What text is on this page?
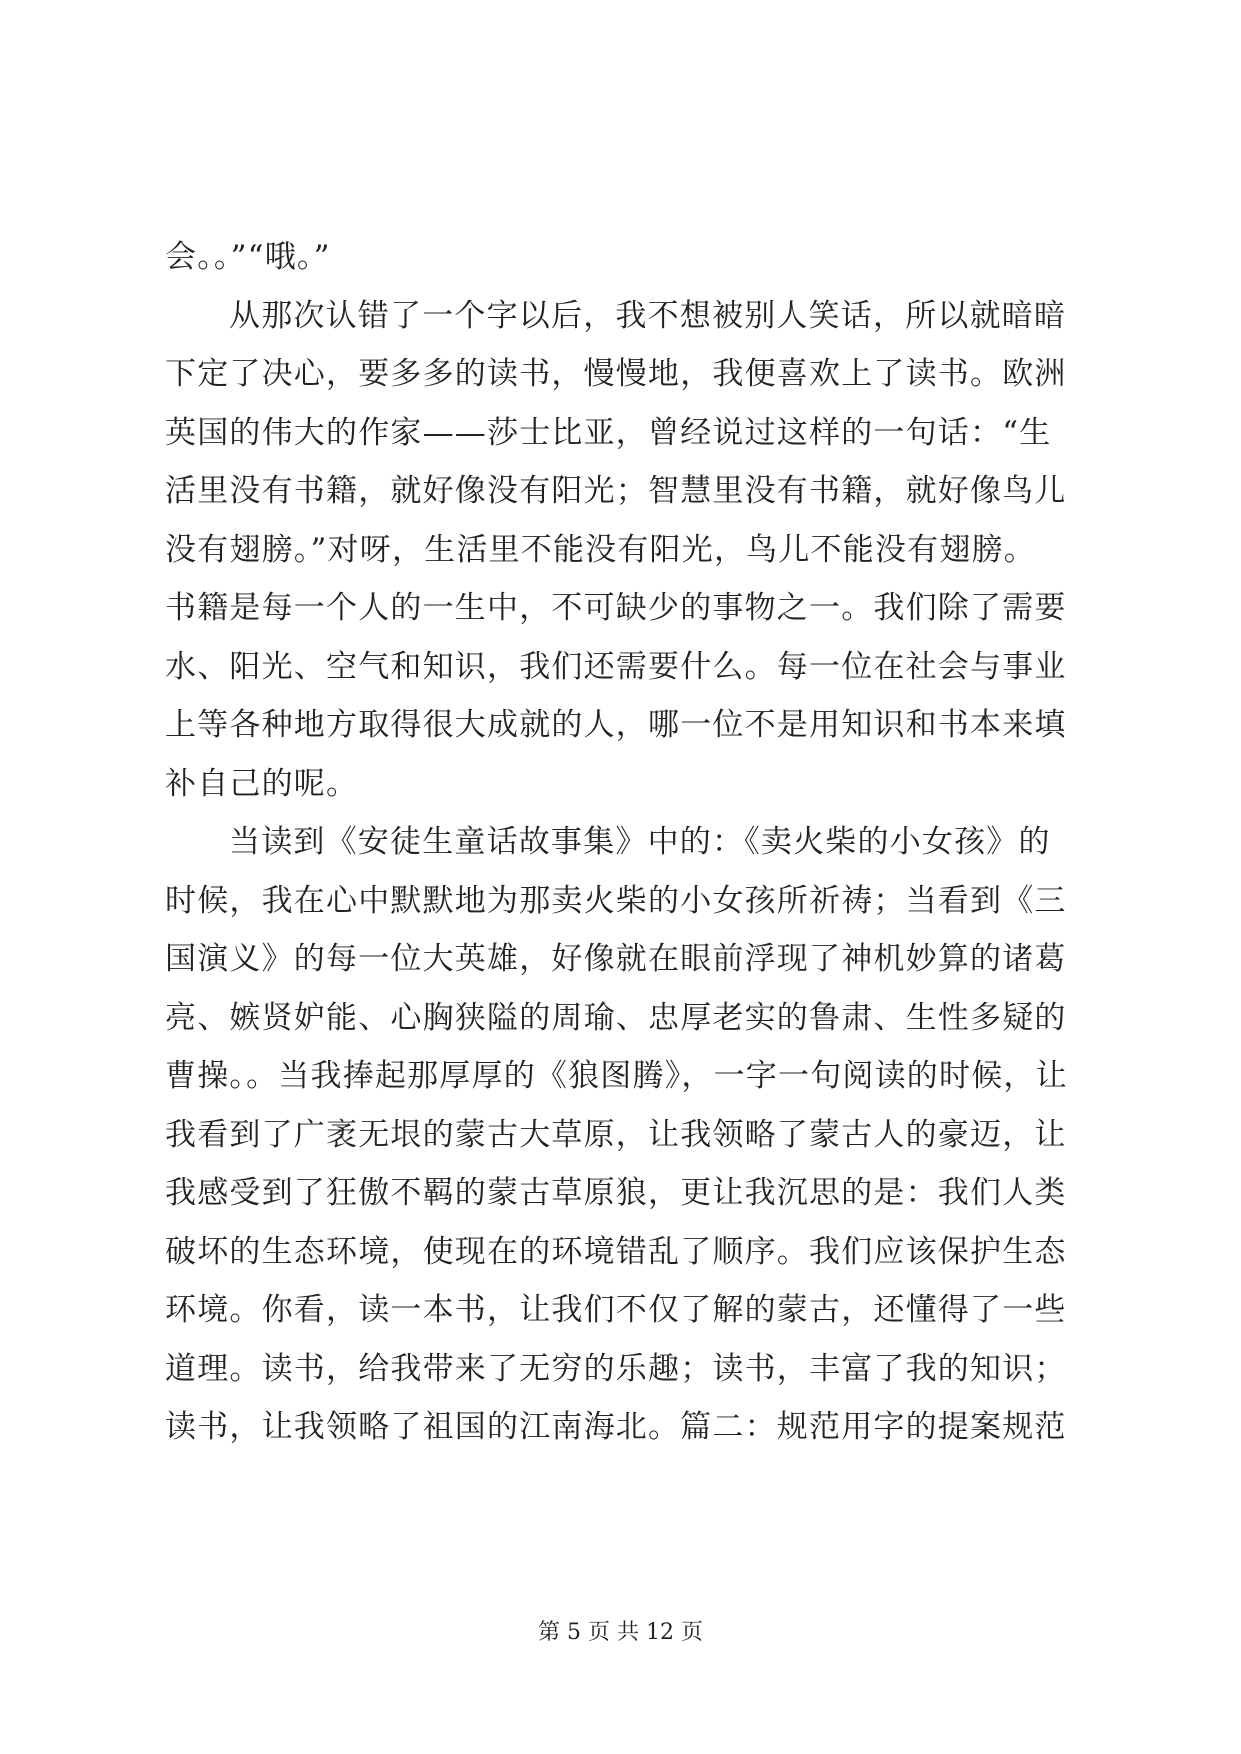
会。。”“哦。”
从那次认错了一个字以后，我不想被别人笑话，所以就暗暗
下定了决心，要多多的读书，慢慢地，我便喜欢上了读书。欧洲
英国的伟大的作家——莎士比亚，曾经说过这样的一句话：“生
活里没有书籍，就好像没有阳光；智慧里没有书籍，就好像鸟儿
没有翅膀。”对呀，生活里不能没有阳光，鸟儿不能没有翅膀。
书籍是每一个人的一生中，不可缺少的事物之一。我们除了需要
水、阳光、空气和知识，我们还需要什么。每一位在社会与事业
上等各种地方取得很大成就的人，哪一位不是用知识和书本来填
补自己的呢。
当读到《安徒生童话故事集》中的：《卖火柴的小女孩》的
时候，我在心中默默地为那卖火柴的小女孩所祈祷；当看到《三
国演义》的每一位大英雄，好像就在眼前浮现了神机妙算的诸葛
亮、嫉贤妒能、心胸狭隘的周瑜、忠厚老实的鲁肃、生性多疑的
曹操。。当我捧起那厚厚的《狼图腾》，一字一句阅读的时候，让
我看到了广袤无垠的蒙古大草原，让我领略了蒙古人的豪迈，让
我感受到了狂傲不羁的蒙古草原狼，更让我沉思的是：我们人类
破坏的生态环境，使现在的环境错乱了顺序。我们应该保护生态
环境。你看，读一本书，让我们不仅了解的蒙古，还懂得了一些
道理。读书，给我带来了无穷的乐趣；读书，丰富了我的知识；
读书，让我领略了祖国的江南海北。篇二：规范用字的提案规范
第 5 页 共 12 页
